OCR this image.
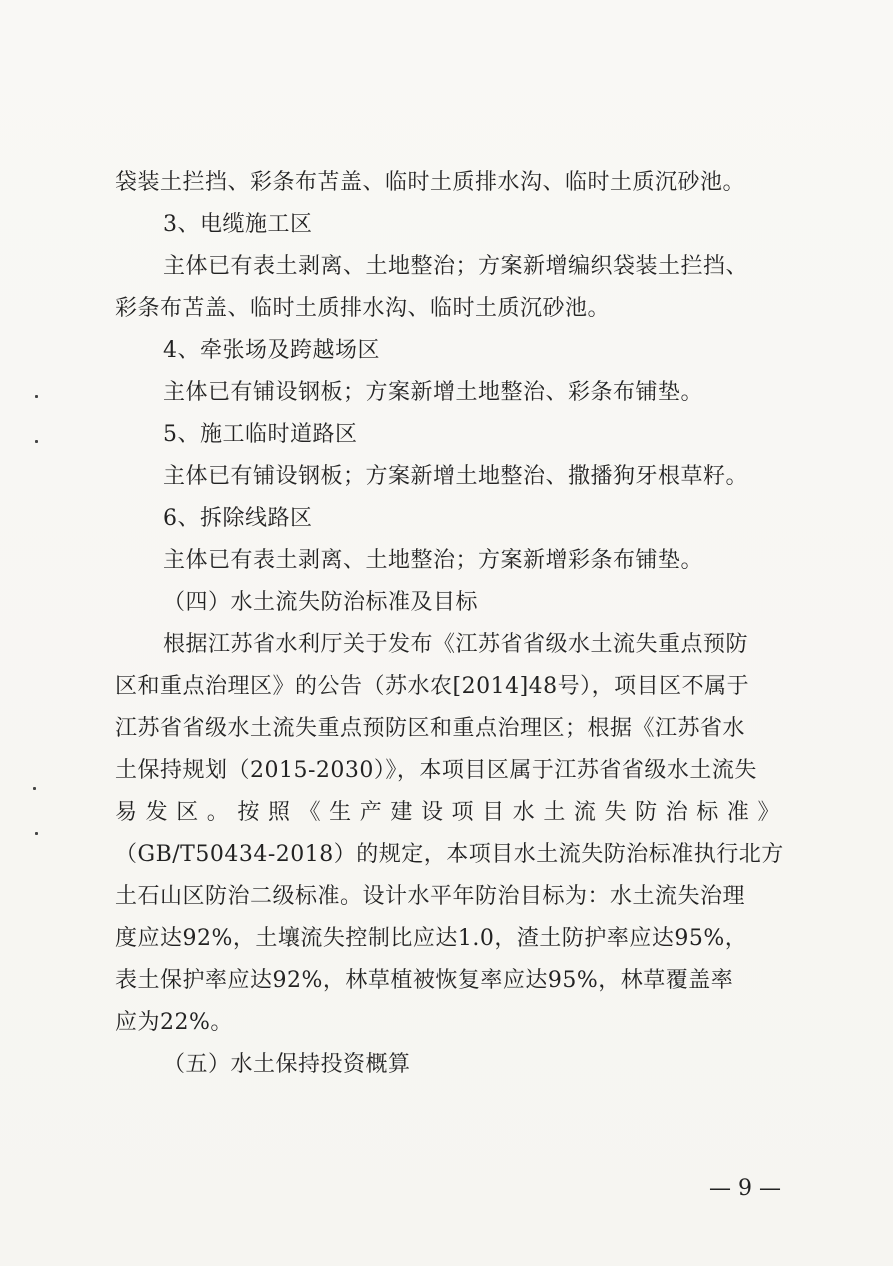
袋装土拦挡、彩条布苫盖、临时土质排水沟、临时土质沉砂池。
3、电缆施工区
主体已有表土剥离、土地整治；方案新增编织袋装土拦挡、
彩条布苫盖、临时土质排水沟、临时土质沉砂池。
4、牵张场及跨越场区
主体已有铺设钢板；方案新增土地整治、彩条布铺垫。
5、施工临时道路区
主体已有铺设钢板；方案新增土地整治、撒播狗牙根草籽。
6、拆除线路区
主体已有表土剥离、土地整治；方案新增彩条布铺垫。
（四）水土流失防治标准及目标
根据江苏省水利厅关于发布《江苏省省级水土流失重点预防
区和重点治理区》的公告（苏水农[2014]48号），项目区不属于
江苏省省级水土流失重点预防区和重点治理区；根据《江苏省水
土保持规划（2015-2030）》，本项目区属于江苏省省级水土流失
易发区。按照《生产建设项目水土流失防治标准》
（GB/T50434-2018）的规定，本项目水土流失防治标准执行北方
土石山区防治二级标准。设计水平年防治目标为：水土流失治理
度应达92%，土壤流失控制比应达1.0，渣土防护率应达95%，
表土保护率应达92%，林草植被恢复率应达95%，林草覆盖率
应为22%。
（五）水土保持投资概算
— 9 —
